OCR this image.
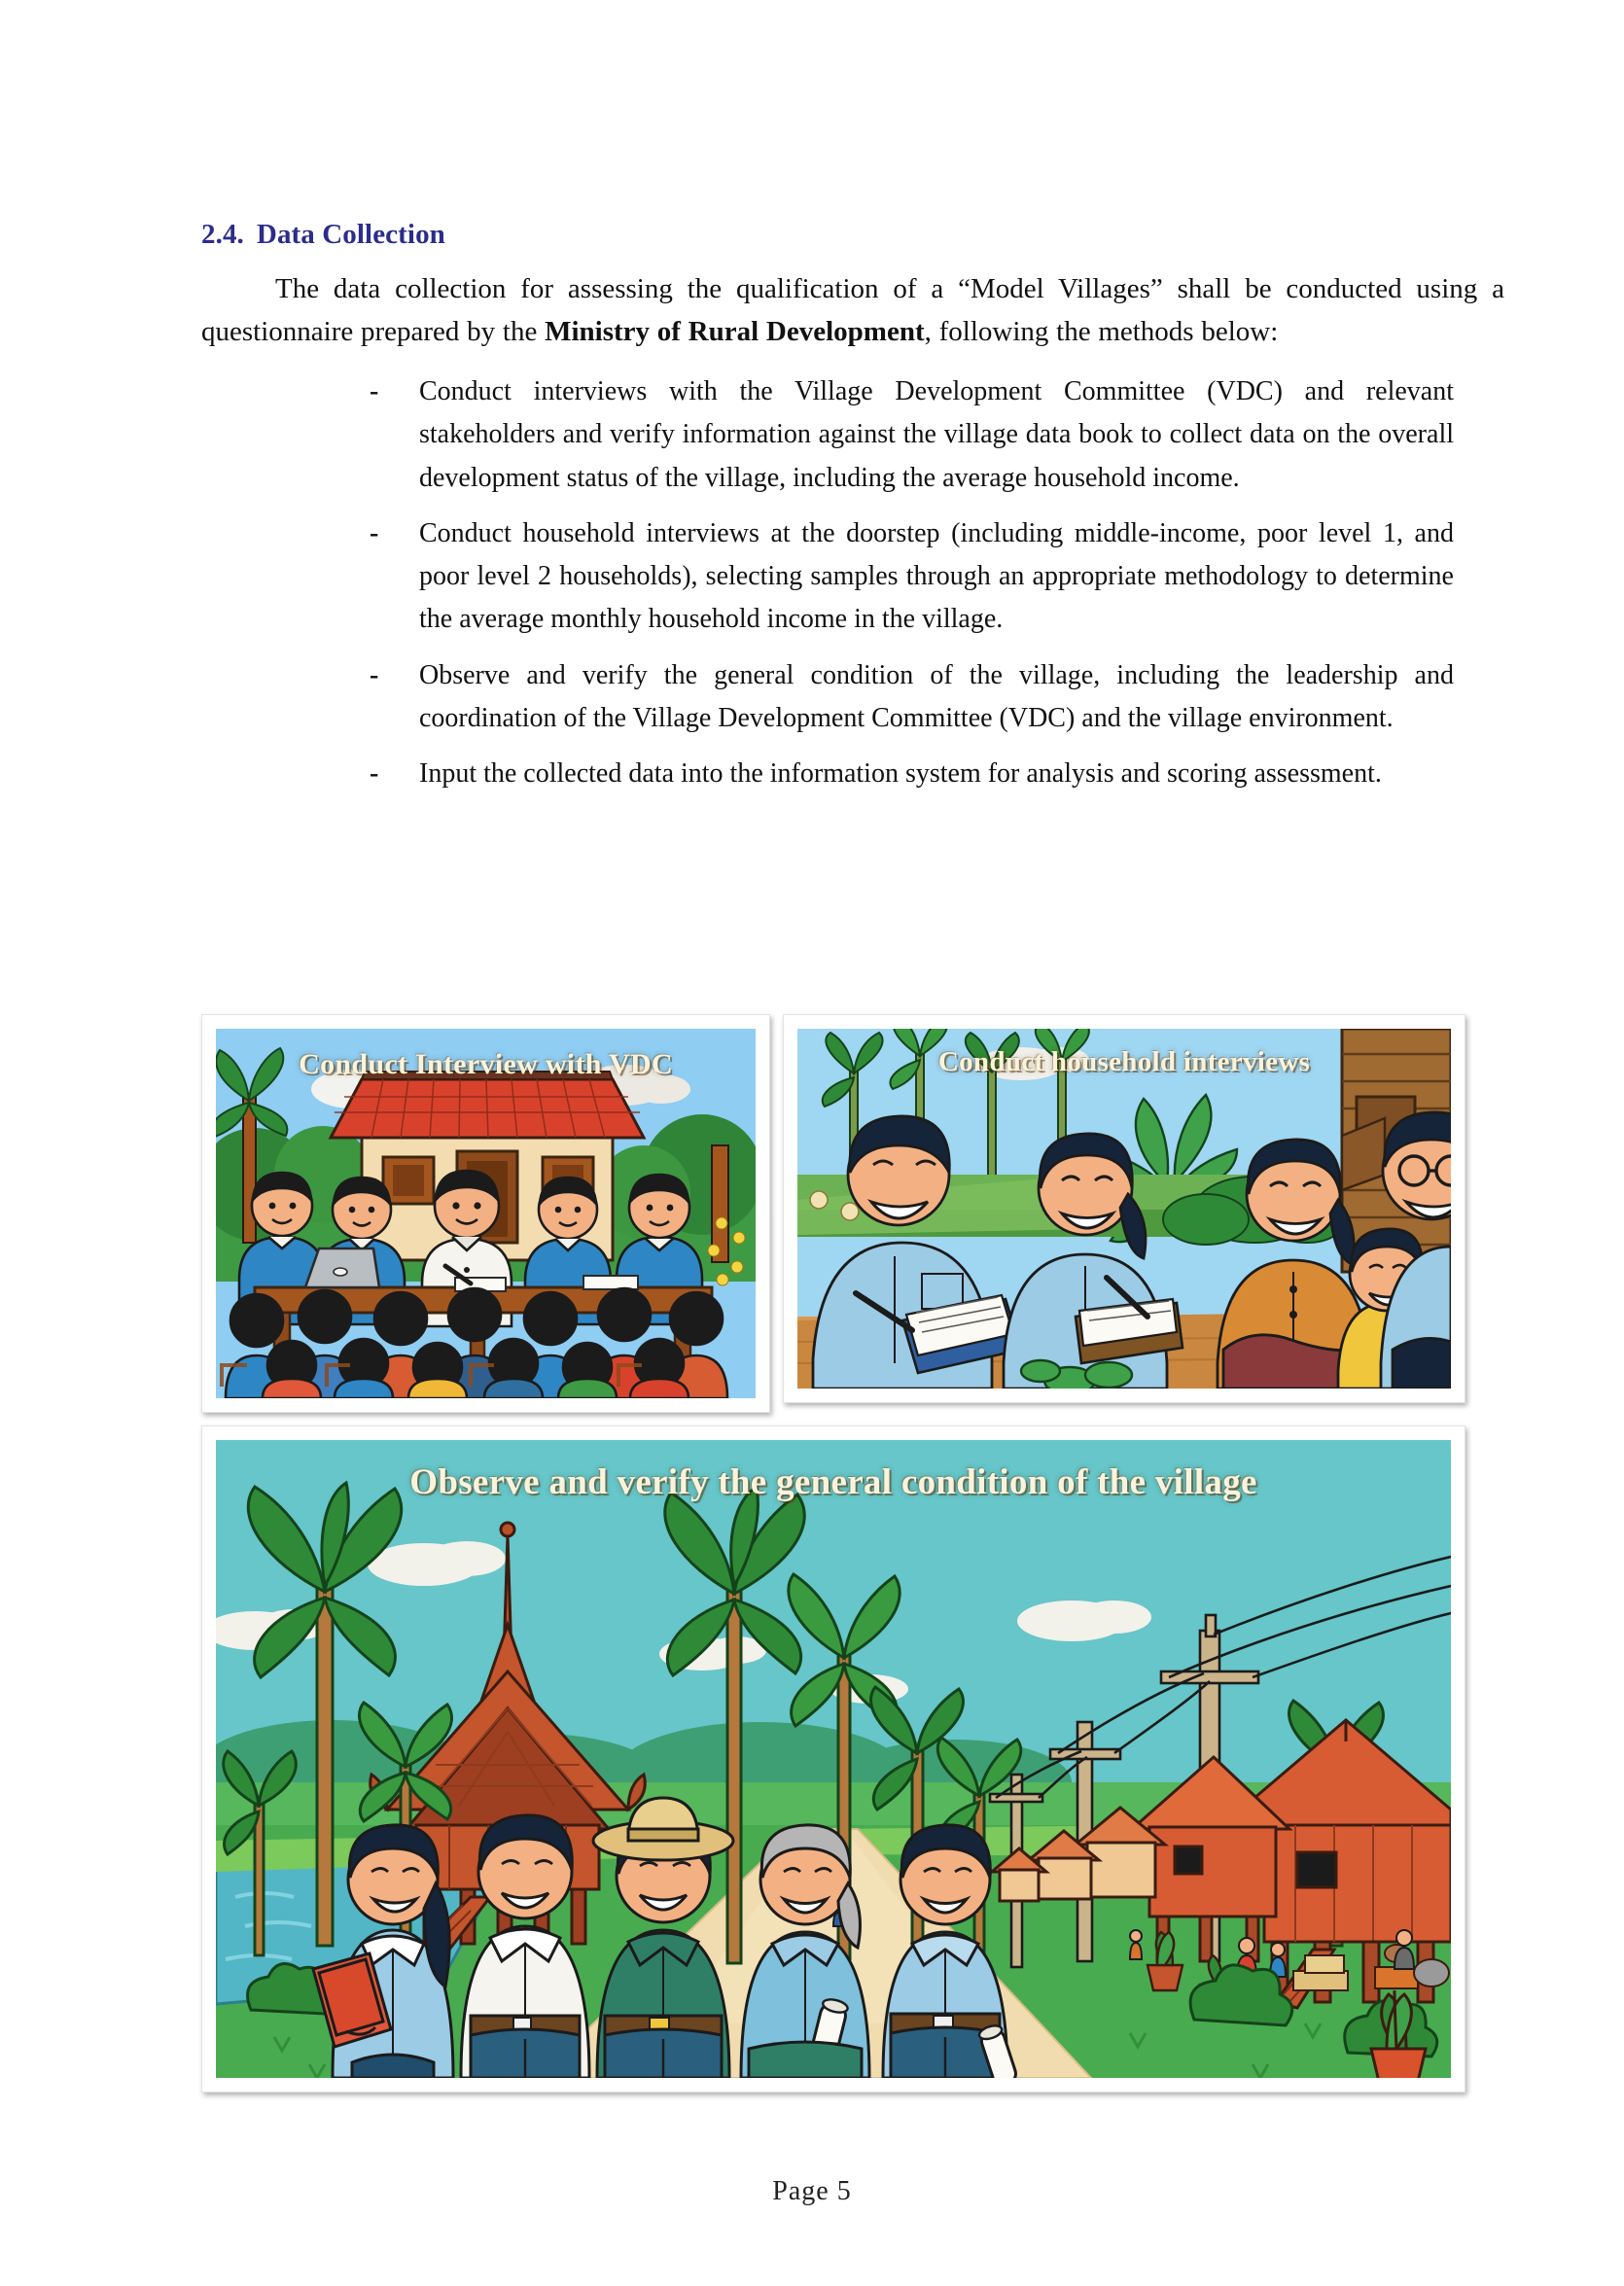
2.4. Data Collection

The data collection for assessing the qualification of a “Model Villages” shall be conducted using a questionnaire prepared by the Ministry of Rural Development, following the methods below:

- Conduct interviews with the Village Development Committee (VDC) and relevant stakeholders and verify information against the village data book to collect data on the overall development status of the village, including the average household income.
- Conduct household interviews at the doorstep (including middle-income, poor level 1, and poor level 2 households), selecting samples through an appropriate methodology to determine the average monthly household income in the village.
- Observe and verify the general condition of the village, including the leadership and coordination of the Village Development Committee (VDC) and the village environment.
- Input the collected data into the information system for analysis and scoring assessment.
Conduct Interview with VDC	Conduct household interviews
Observe and verify the general condition of the village
Page 5
